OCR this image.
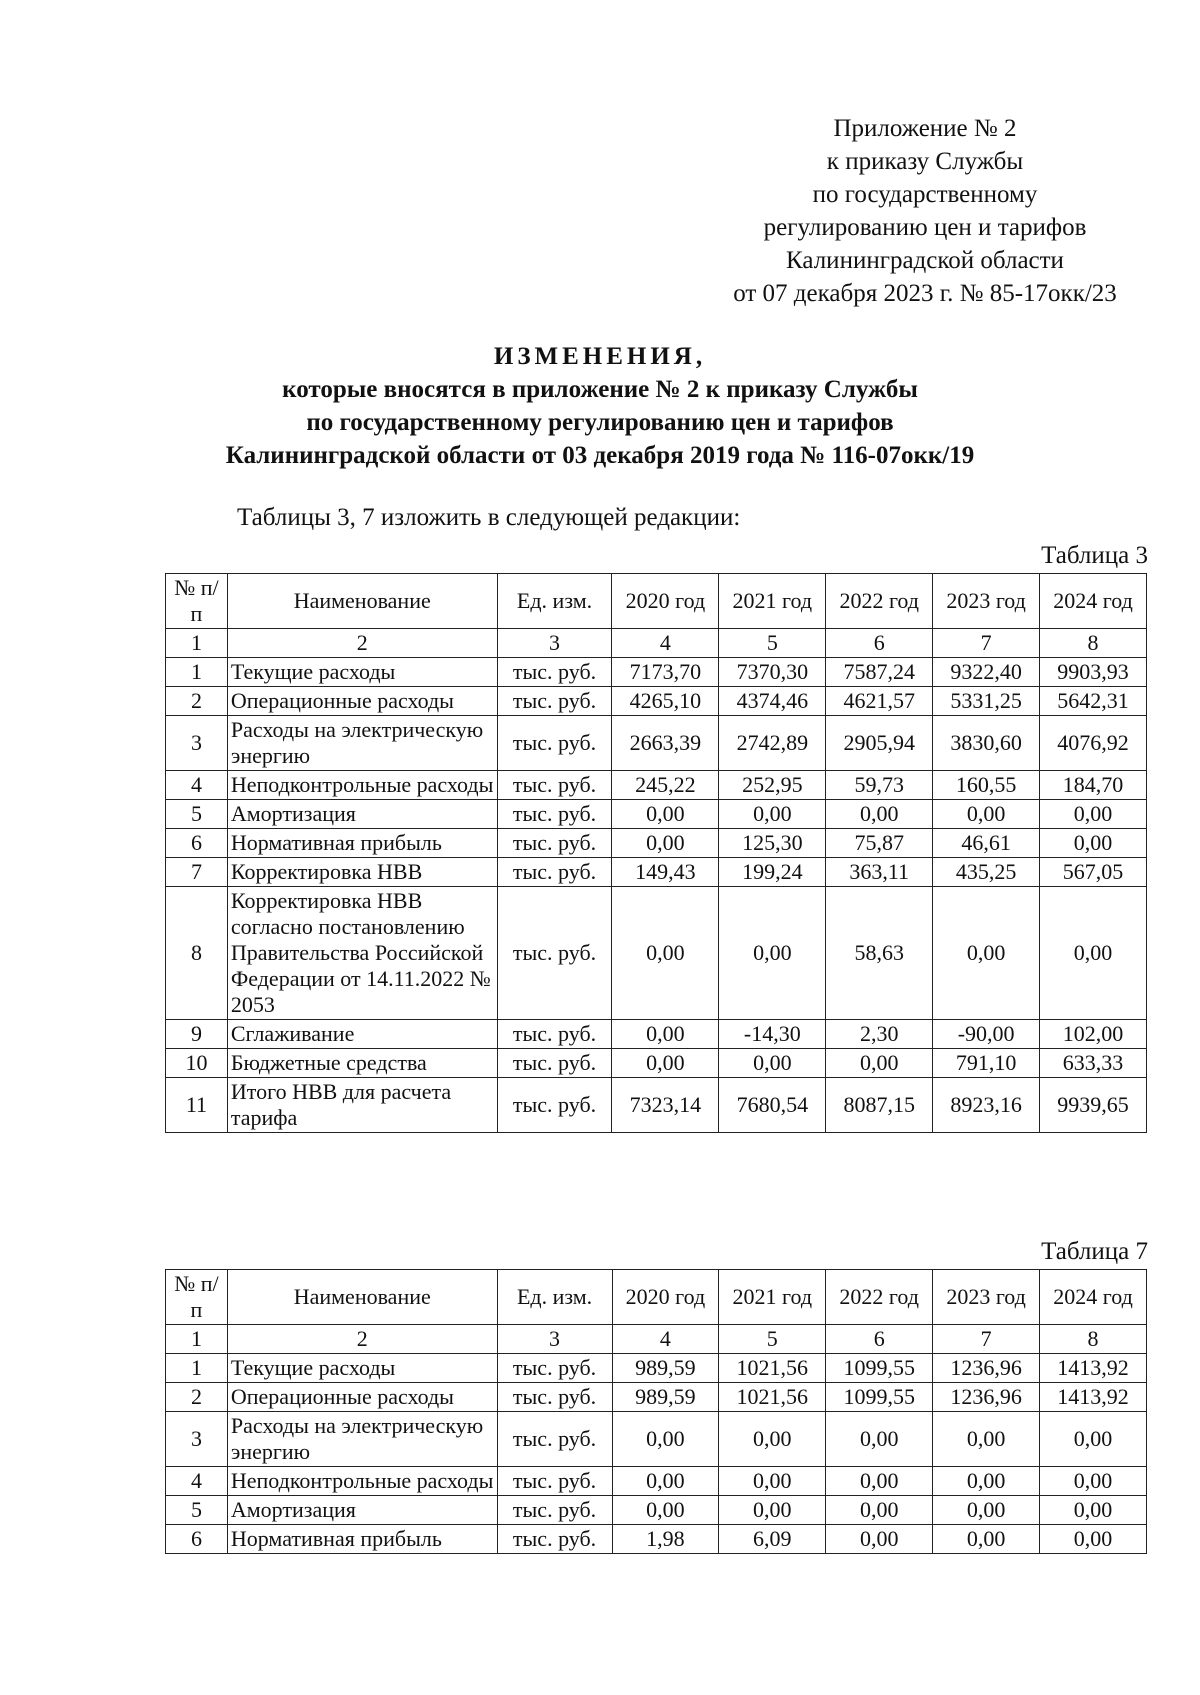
Приложение № 2
к приказу Службы
по государственному
регулированию цен и тарифов
Калининградской области
от 07 декабря 2023 г. № 85-17окк/23
ИЗМЕНЕНИЯ,
которые вносятся в приложение № 2 к приказу Службы
по государственному регулированию цен и тарифов
Калининградской области от 03 декабря 2019 года № 116-07окк/19
Таблицы 3, 7 изложить в следующей редакции:
Таблица 3
№ п/п	Наименование	Ед. изм.	2020 год	2021 год	2022 год	2023 год	2024 год
1	2	3	4	5	6	7	8
1	Текущие расходы	тыс. руб.	7173,70	7370,30	7587,24	9322,40	9903,93
2	Операционные расходы	тыс. руб.	4265,10	4374,46	4621,57	5331,25	5642,31
3	Расходы на электрическую энергию	тыс. руб.	2663,39	2742,89	2905,94	3830,60	4076,92
4	Неподконтрольные расходы	тыс. руб.	245,22	252,95	59,73	160,55	184,70
5	Амортизация	тыс. руб.	0,00	0,00	0,00	0,00	0,00
6	Нормативная прибыль	тыс. руб.	0,00	125,30	75,87	46,61	0,00
7	Корректировка НВВ	тыс. руб.	149,43	199,24	363,11	435,25	567,05
8	Корректировка НВВ согласно постановлению Правительства Российской Федерации от 14.11.2022 № 2053	тыс. руб.	0,00	0,00	58,63	0,00	0,00
9	Сглаживание	тыс. руб.	0,00	-14,30	2,30	-90,00	102,00
10	Бюджетные средства	тыс. руб.	0,00	0,00	0,00	791,10	633,33
11	Итого НВВ для расчета тарифа	тыс. руб.	7323,14	7680,54	8087,15	8923,16	9939,65
Таблица 7
№ п/п	Наименование	Ед. изм.	2020 год	2021 год	2022 год	2023 год	2024 год
1	2	3	4	5	6	7	8
1	Текущие расходы	тыс. руб.	989,59	1021,56	1099,55	1236,96	1413,92
2	Операционные расходы	тыс. руб.	989,59	1021,56	1099,55	1236,96	1413,92
3	Расходы на электрическую энергию	тыс. руб.	0,00	0,00	0,00	0,00	0,00
4	Неподконтрольные расходы	тыс. руб.	0,00	0,00	0,00	0,00	0,00
5	Амортизация	тыс. руб.	0,00	0,00	0,00	0,00	0,00
6	Нормативная прибыль	тыс. руб.	1,98	6,09	0,00	0,00	0,00
